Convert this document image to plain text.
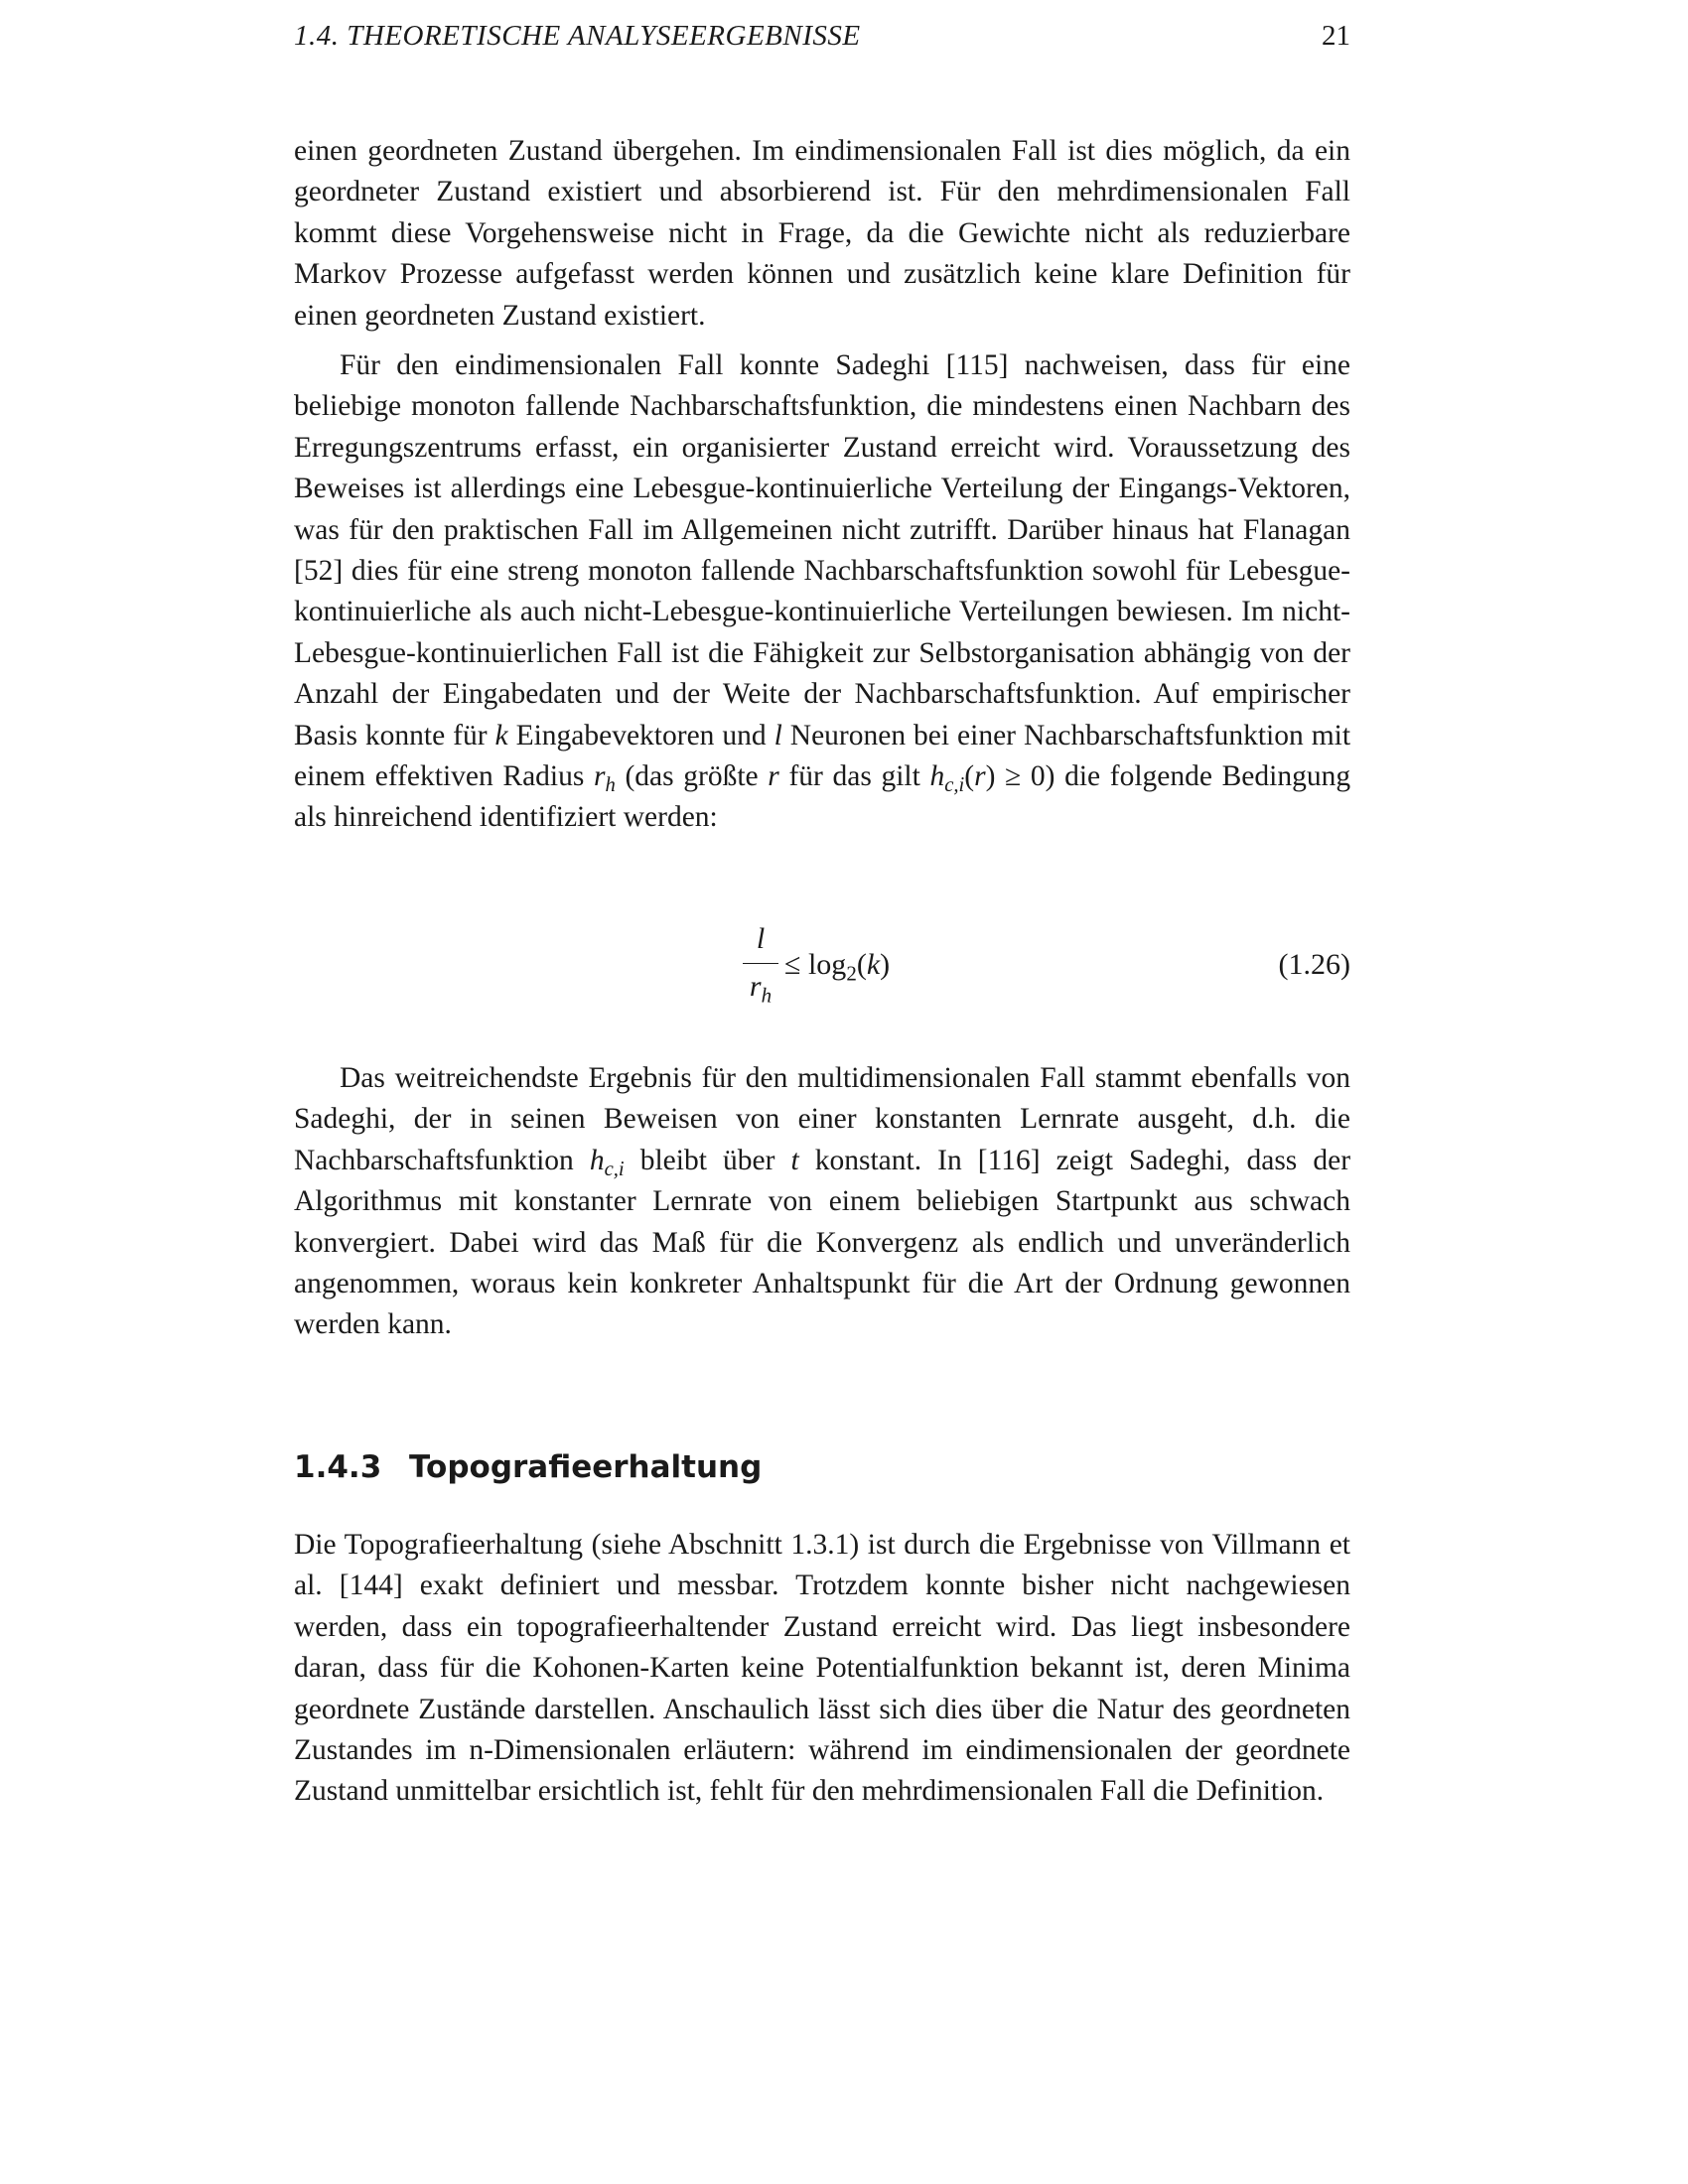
1.4. THEORETISCHE ANALYSEERGEBNISSE	21

einen geordneten Zustand übergehen. Im eindimensionalen Fall ist dies möglich, da ein geordneter Zustand existiert und absorbierend ist. Für den mehrdimensionalen Fall kommt diese Vorgehensweise nicht in Frage, da die Gewichte nicht als reduzierbare Markov Prozesse aufgefasst werden können und zusätzlich keine klare Definition für einen geordneten Zustand existiert.

Für den eindimensionalen Fall konnte Sadeghi [115] nachweisen, dass für eine beliebige monoton fallende Nachbarschaftsfunktion, die mindestens einen Nachbarn des Erregungszentrums erfasst, ein organisierter Zustand erreicht wird. Voraussetzung des Beweises ist allerdings eine Lebesgue-kontinuierliche Verteilung der Eingangs-Vektoren, was für den praktischen Fall im Allgemeinen nicht zutrifft. Darüber hinaus hat Flanagan [52] dies für eine streng monoton fallende Nachbarschaftsfunktion sowohl für Lebesgue-kontinuierliche als auch nicht-Lebesgue-kontinuierliche Verteilungen bewiesen. Im nicht-Lebesgue-kontinuierlichen Fall ist die Fähigkeit zur Selbstorganisation abhängig von der Anzahl der Eingabedaten und der Weite der Nachbarschaftsfunktion. Auf empirischer Basis konnte für k Eingabevektoren und l Neuronen bei einer Nachbarschaftsfunktion mit einem effektiven Radius $r_h$ (das größte r für das gilt $h_{c,i}(r) \ge 0$) die folgende Bedingung als hinreichend identifiziert werden:

l
$r_h$
≤ $\log_2(k)$	(1.26)

Das weitreichendste Ergebnis für den multidimensionalen Fall stammt ebenfalls von Sadeghi, der in seinen Beweisen von einer konstanten Lernrate ausgeht, d.h. die Nachbarschaftsfunktion $h_{c,i}$ bleibt über t konstant. In [116] zeigt Sadeghi, dass der Algorithmus mit konstanter Lernrate von einem beliebigen Startpunkt aus schwach konvergiert. Dabei wird das Maß für die Konvergenz als endlich und unveränderlich angenommen, woraus kein konkreter Anhaltspunkt für die Art der Ordnung gewonnen werden kann.

1.4.3 Topografieerhaltung

Die Topografieerhaltung (siehe Abschnitt 1.3.1) ist durch die Ergebnisse von Villmann et al. [144] exakt definiert und messbar. Trotzdem konnte bisher nicht nachgewiesen werden, dass ein topografieerhaltender Zustand erreicht wird. Das liegt insbesondere daran, dass für die Kohonen-Karten keine Potentialfunktion bekannt ist, deren Minima geordnete Zustände darstellen. Anschaulich lässt sich dies über die Natur des geordneten Zustandes im n-Dimensionalen erläutern: während im eindimensionalen der geordnete Zustand unmittelbar ersichtlich ist, fehlt für den mehrdimensionalen Fall die Definition.
